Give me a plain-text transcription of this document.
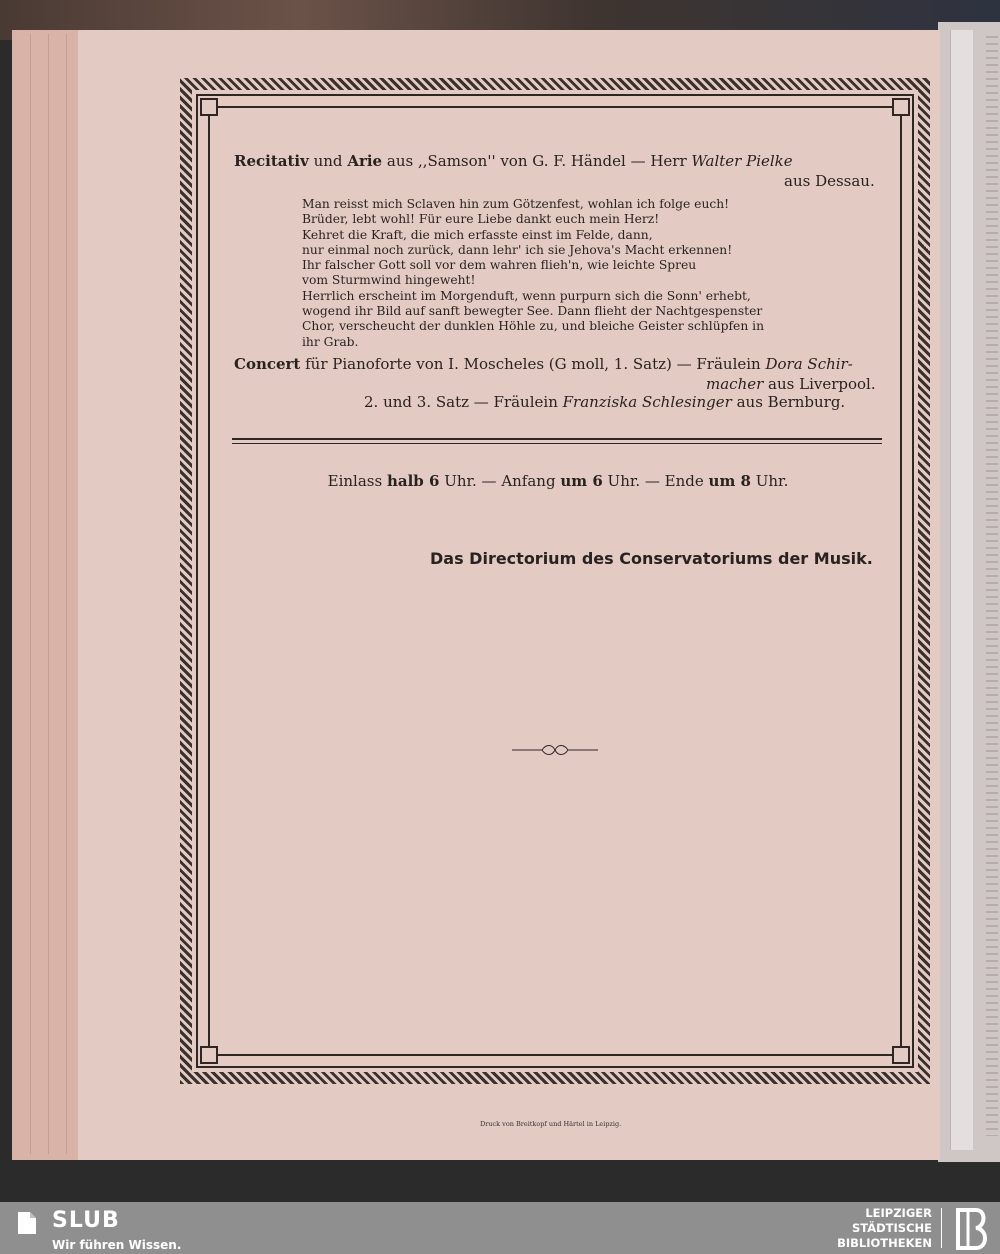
Recitativ und Arie aus ,,Samson'' von G. F. Händel — Herr Walter Pielke
aus Dessau.
Man reisst mich Sclaven hin zum Götzenfest, wohlan ich folge euch!
Brüder, lebt wohl! Für eure Liebe dankt euch mein Herz!
Kehret die Kraft, die mich erfasste einst im Felde, dann,
nur einmal noch zurück, dann lehr' ich sie Jehova's Macht erkennen!
Ihr falscher Gott soll vor dem wahren flieh'n, wie leichte Spreu
vom Sturmwind hingeweht!
Herrlich erscheint im Morgenduft, wenn purpurn sich die Sonn' erhebt,
wogend ihr Bild auf sanft bewegter See. Dann flieht der Nachtgespenster
Chor, verscheucht der dunklen Höhle zu, und bleiche Geister schlüpfen in
ihr Grab.
Concert für Pianoforte von I. Moscheles (G moll, 1. Satz) — Fräulein Dora Schir-
macher aus Liverpool.
2. und 3. Satz — Fräulein Franziska Schlesinger aus Bernburg.
Einlass halb 6 Uhr. — Anfang um 6 Uhr. — Ende um 8 Uhr.
Das Directorium des Conservatoriums der Musik.
Druck von Breitkopf und Härtel in Leipzig.
SLUB
Wir führen Wissen.
LEIPZIGER
STÄDTISCHE
BIBLIOTHEKEN
